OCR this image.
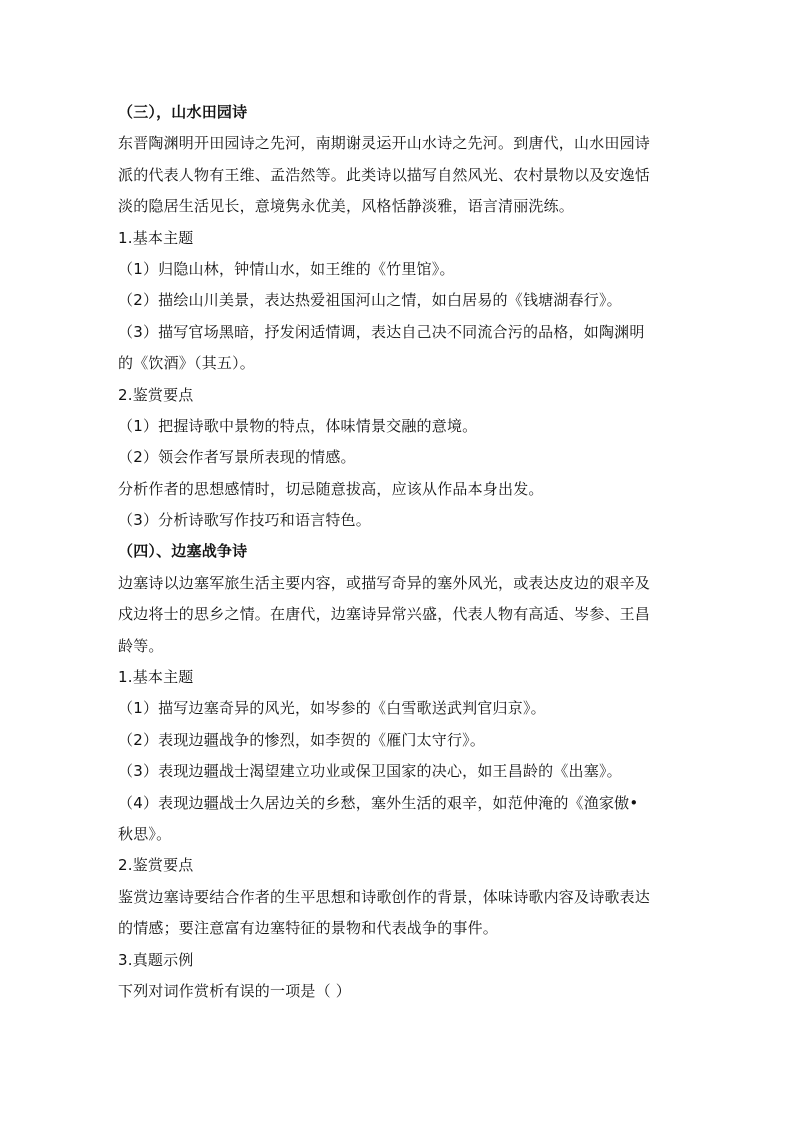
（三），山水田园诗
东晋陶渊明开田园诗之先河，南期谢灵运开山水诗之先河。到唐代，山水田园诗
派的代表人物有王维、孟浩然等。此类诗以描写自然风光、农村景物以及安逸恬
淡的隐居生活见长，意境隽永优美，风格恬静淡雅，语言清丽洗练。
1.基本主题
（1）归隐山林，钟情山水，如王维的《竹里馆》。
（2）描绘山川美景，表达热爱祖国河山之情，如白居易的《钱塘湖春行》。
（3）描写官场黑暗，抒发闲适情调，表达自己决不同流合污的品格，如陶渊明
的《饮酒》（其五）。
2.鉴赏要点
（1）把握诗歌中景物的特点，体味情景交融的意境。
（2）领会作者写景所表现的情感。
分析作者的思想感情时，切忌随意拔高，应该从作品本身出发。
（3）分析诗歌写作技巧和语言特色。
（四）、边塞战争诗
边塞诗以边塞军旅生活主要内容，或描写奇异的塞外风光，或表达皮边的艰辛及
戍边将士的思乡之情。在唐代，边塞诗异常兴盛，代表人物有高适、岑参、王昌
龄等。
1.基本主题
（1）描写边塞奇异的风光，如岑参的《白雪歌送武判官归京》。
（2）表现边疆战争的惨烈，如李贺的《雁门太守行》。
（3）表现边疆战士渴望建立功业或保卫国家的决心，如王昌龄的《出塞》。
（4）表现边疆战士久居边关的乡愁，塞外生活的艰辛，如范仲淹的《渔家傲•
秋思》。
2.鉴赏要点
鉴赏边塞诗要结合作者的生平思想和诗歌创作的背景，体味诗歌内容及诗歌表达
的情感；要注意富有边塞特征的景物和代表战争的事件。
3.真题示例
下列对词作赏析有误的一项是（ ）
